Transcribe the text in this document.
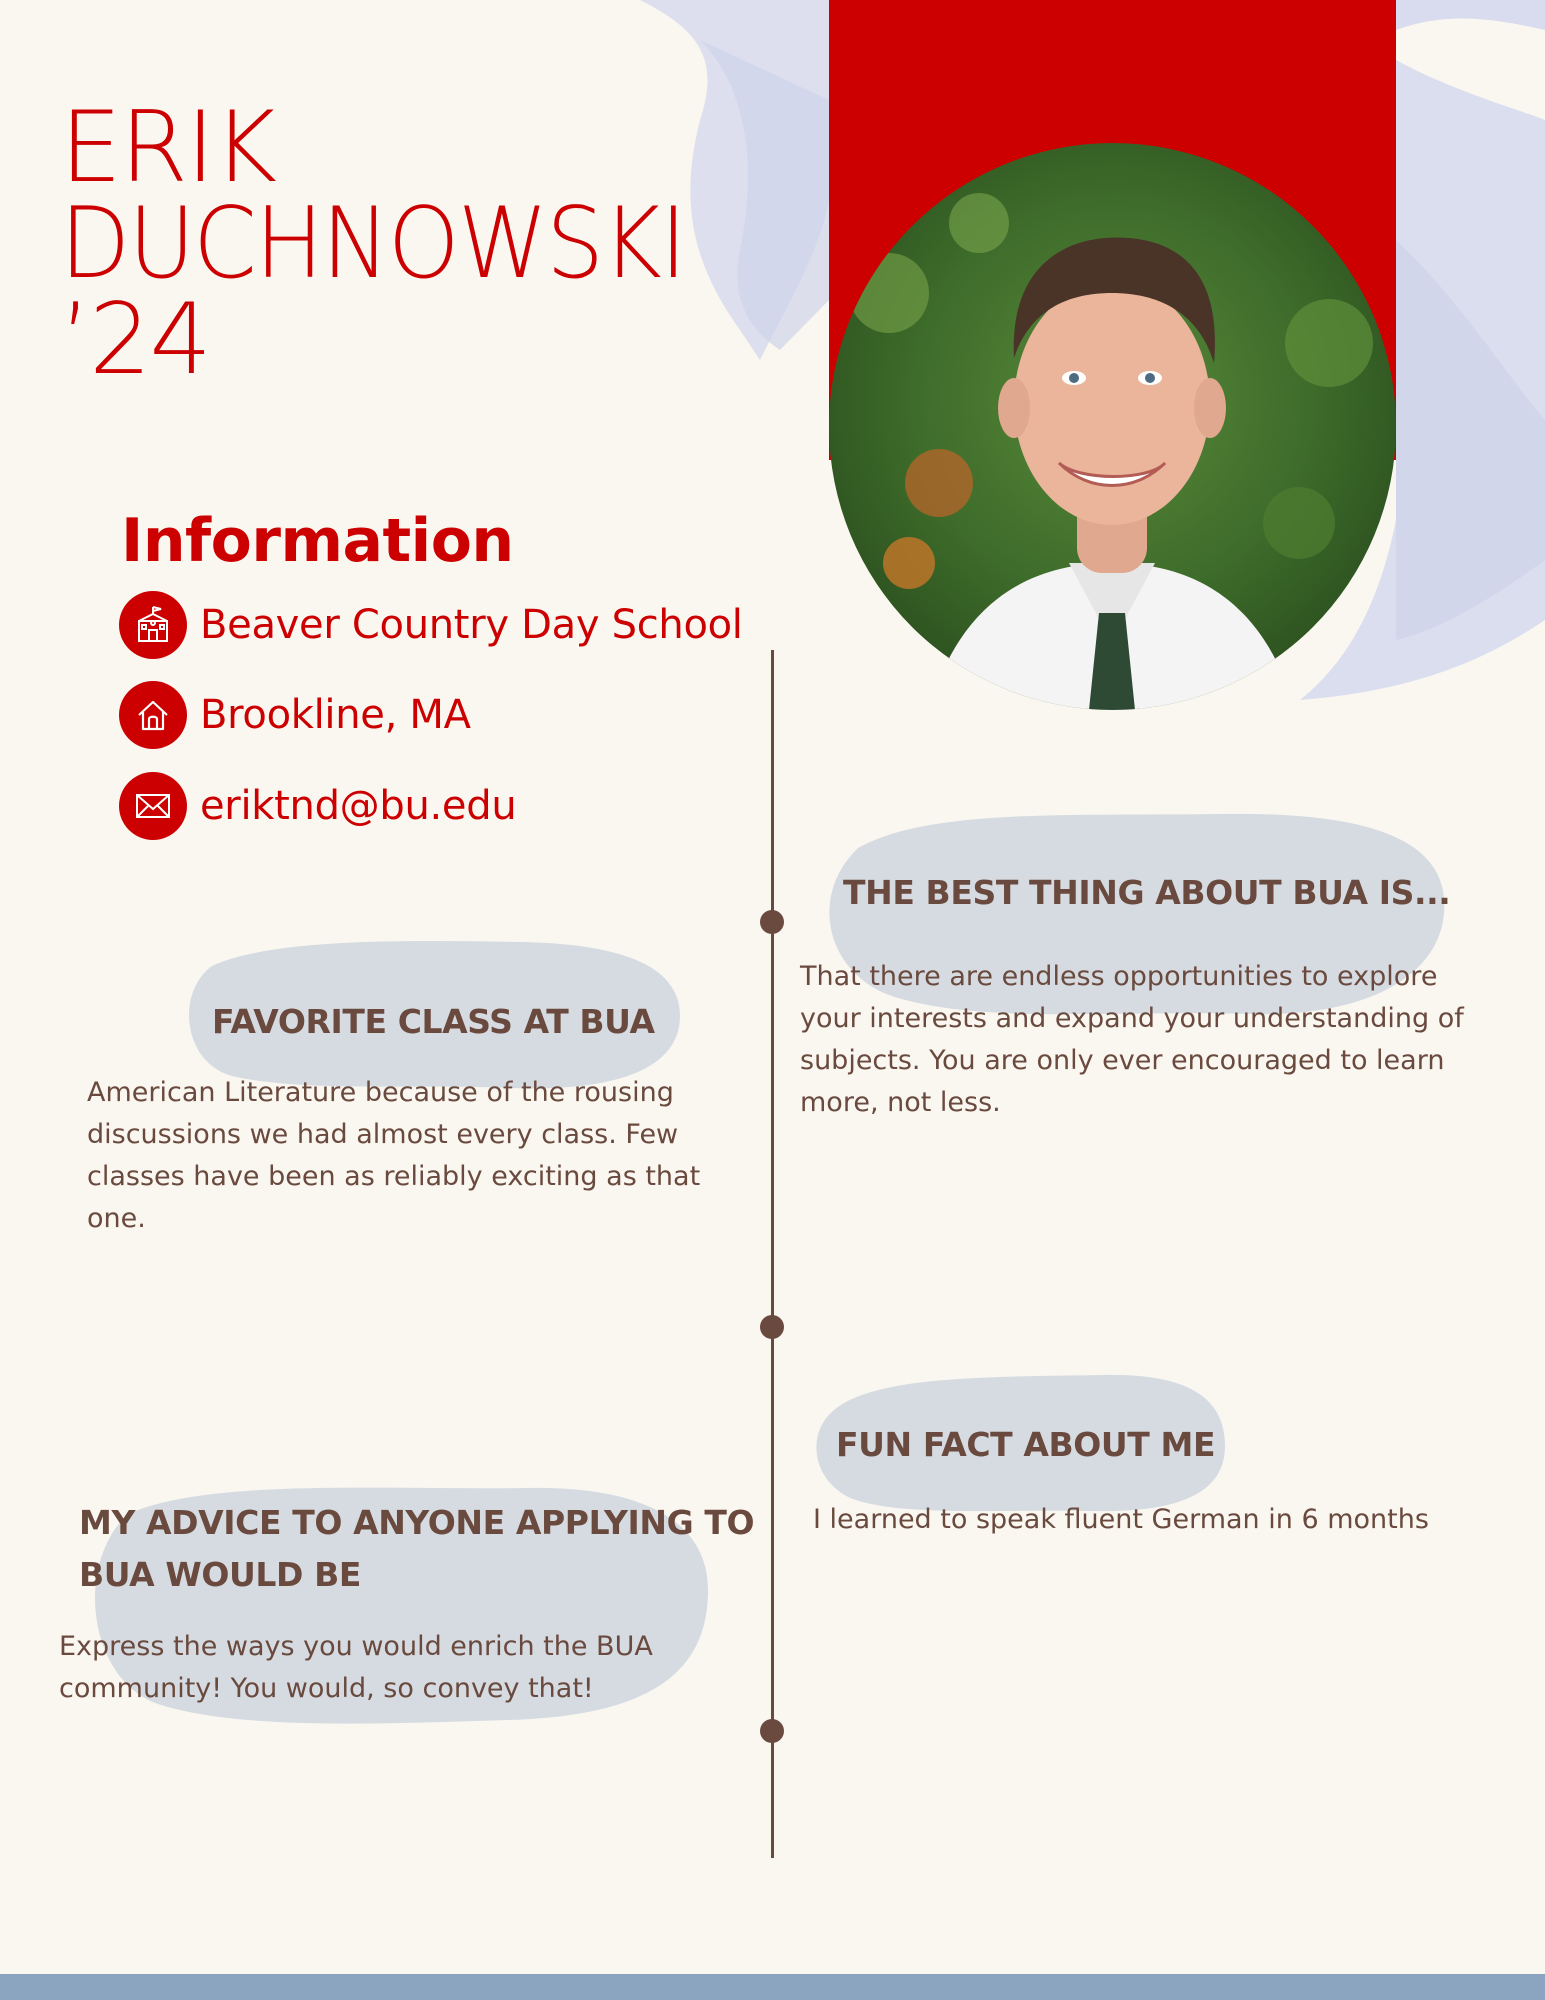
ERIK
DUCHNOWSKI
’24
Information
Beaver Country Day School
Brookline, MA
eriktnd@bu.edu
THE BEST THING ABOUT BUA IS...

That there are endless opportunities to explore your interests and expand your understanding of subjects. You are only ever encouraged to learn more, not less.

FAVORITE CLASS AT BUA

American Literature because of the rousing discussions we had almost every class. Few classes have been as reliably exciting as that one.

FUN FACT ABOUT ME

I learned to speak fluent German in 6 months

MY ADVICE TO ANYONE APPLYING TO BUA WOULD BE

Express the ways you would enrich the BUA community! You would, so convey that!
